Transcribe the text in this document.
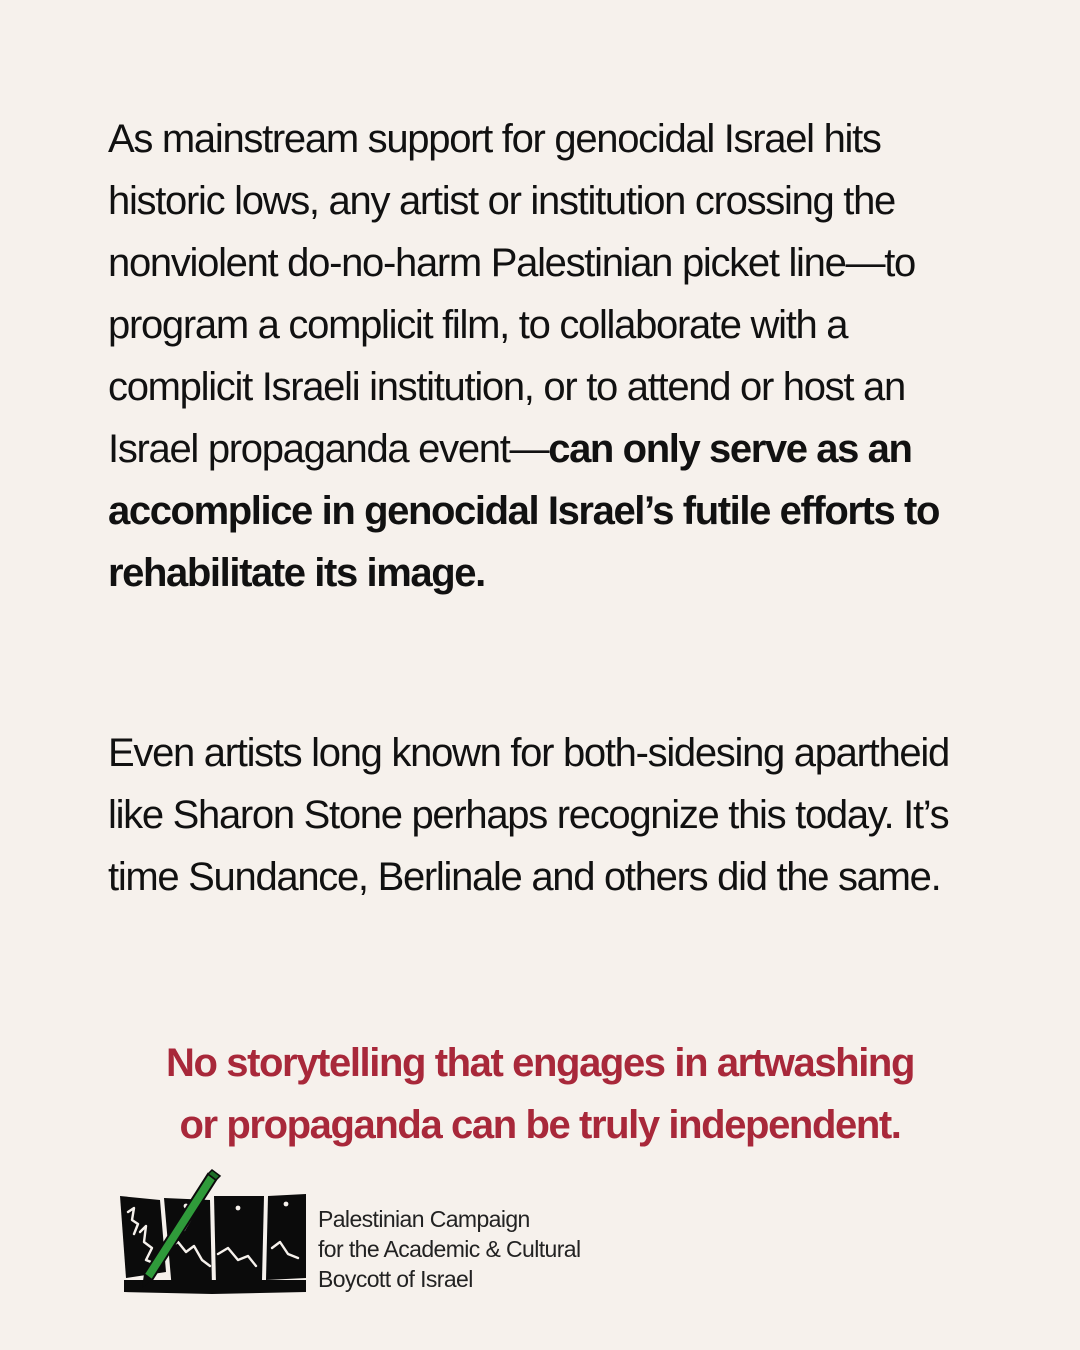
As mainstream support for genocidal Israel hits historic lows, any artist or institution crossing the nonviolent do-no-harm Palestinian picket line—to program a complicit film, to collaborate with a complicit Israeli institution, or to attend or host an Israel propaganda event—can only serve as an accomplice in genocidal Israel’s futile efforts to rehabilitate its image.

Even artists long known for both-sidesing apartheid like Sharon Stone perhaps recognize this today. It’s time Sundance, Berlinale and others did the same.

No storytelling that engages in artwashing
or propaganda can be truly independent.

Palestinian Campaign
for the Academic & Cultural
Boycott of Israel
